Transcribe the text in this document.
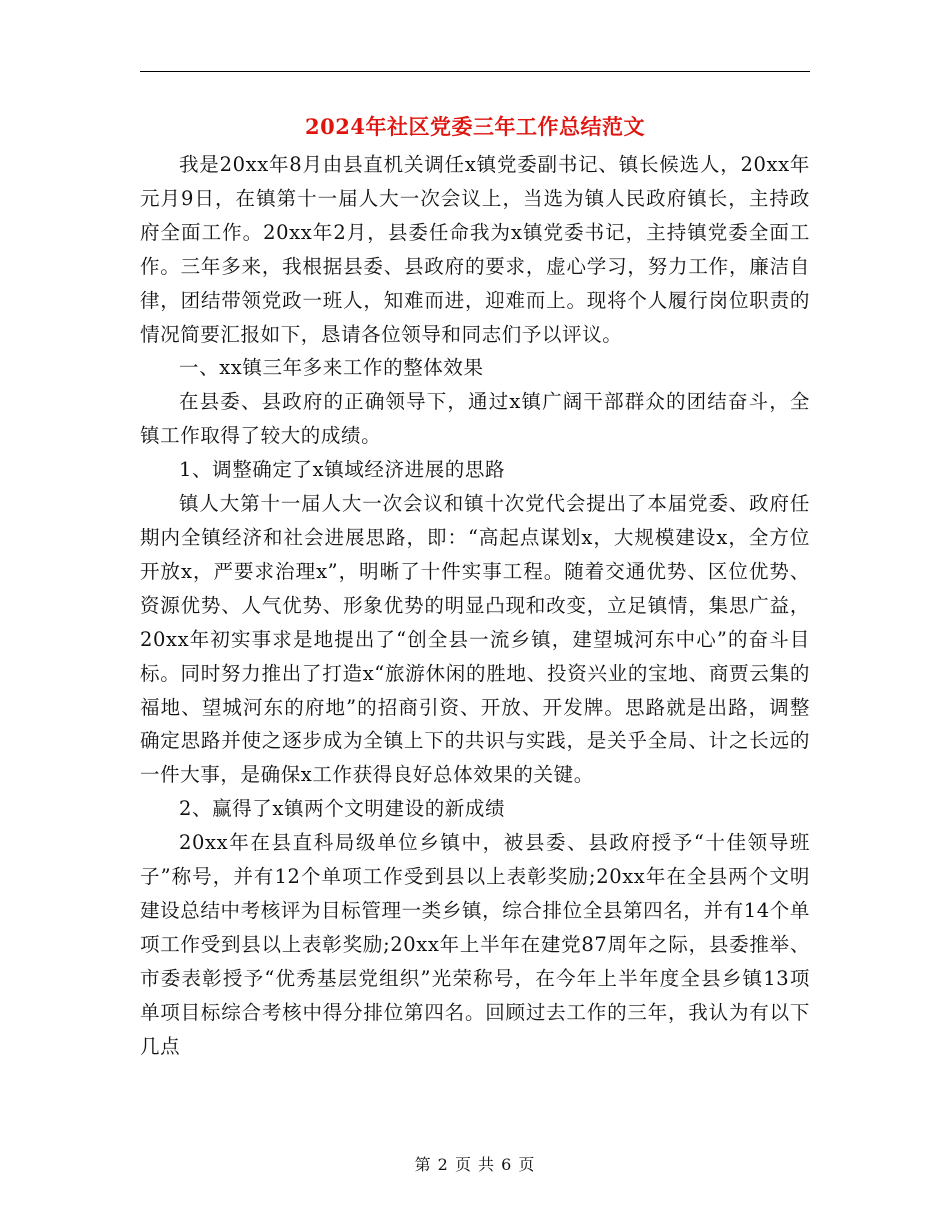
2024年社区党委三年工作总结范文

我是20xx年8月由县直机关调任x镇党委副书记、镇长候选人，20xx年元月9日，在镇第十一届人大一次会议上，当选为镇人民政府镇长，主持政府全面工作。20xx年2月，县委任命我为x镇党委书记，主持镇党委全面工作。三年多来，我根据县委、县政府的要求，虚心学习，努力工作，廉洁自律，团结带领党政一班人，知难而进，迎难而上。现将个人履行岗位职责的情况简要汇报如下，恳请各位领导和同志们予以评议。

一、xx镇三年多来工作的整体效果

在县委、县政府的正确领导下，通过x镇广阔干部群众的团结奋斗，全镇工作取得了较大的成绩。

1、调整确定了x镇域经济进展的思路

镇人大第十一届人大一次会议和镇十次党代会提出了本届党委、政府任期内全镇经济和社会进展思路，即：“高起点谋划x，大规模建设x，全方位开放x，严要求治理x”，明晰了十件实事工程。随着交通优势、区位优势、资源优势、人气优势、形象优势的明显凸现和改变，立足镇情，集思广益，20xx年初实事求是地提出了“创全县一流乡镇，建望城河东中心”的奋斗目标。同时努力推出了打造x“旅游休闲的胜地、投资兴业的宝地、商贾云集的福地、望城河东的府地”的招商引资、开放、开发牌。思路就是出路，调整确定思路并使之逐步成为全镇上下的共识与实践，是关乎全局、计之长远的一件大事，是确保x工作获得良好总体效果的关键。

2、赢得了x镇两个文明建设的新成绩

20xx年在县直科局级单位乡镇中，被县委、县政府授予“十佳领导班子”称号，并有12个单项工作受到县以上表彰奖励;20xx年在全县两个文明建设总结中考核评为目标管理一类乡镇，综合排位全县第四名，并有14个单项工作受到县以上表彰奖励;20xx年上半年在建党87周年之际，县委推举、市委表彰授予“优秀基层党组织”光荣称号，在今年上半年度全县乡镇13项单项目标综合考核中得分排位第四名。回顾过去工作的三年，我认为有以下几点

第 2 页 共 6 页
